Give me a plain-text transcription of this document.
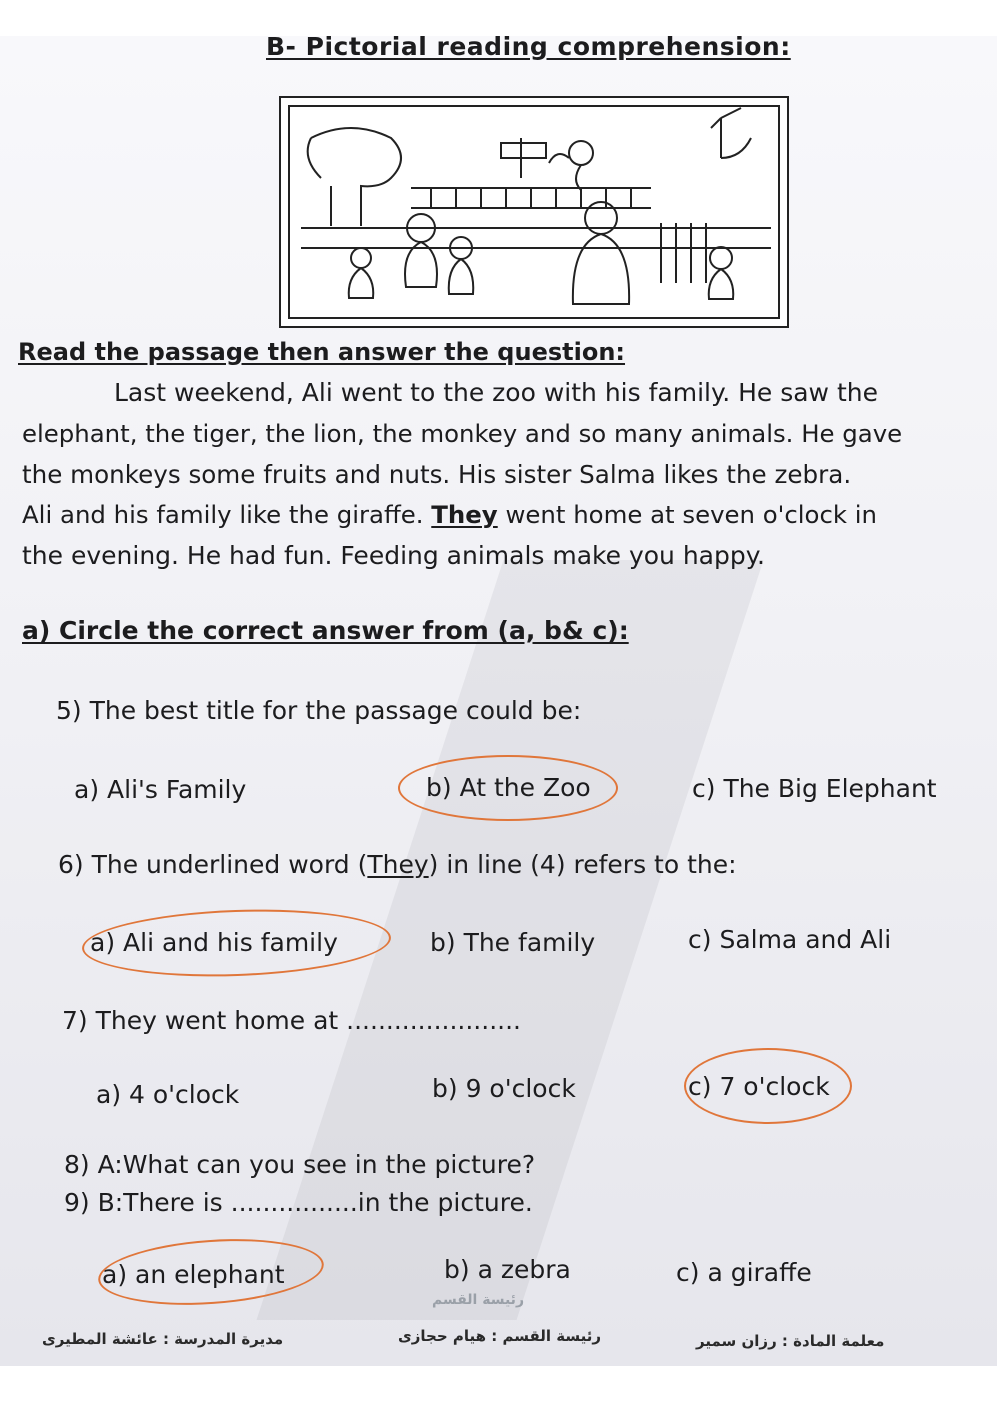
B- Pictorial reading comprehension:
Read the passage then answer the question:
Last weekend, Ali went to the zoo with his family. He saw the
elephant, the tiger, the lion, the monkey and so many animals. He gave
the monkeys some fruits and nuts. His sister Salma likes the zebra.
Ali and his family like the giraffe. They went home at seven o'clock in
the evening. He had fun. Feeding animals make you happy.
a) Circle the correct answer from (a, b& c):
5) The best title for the passage could be:
a) Ali's Family	b) At the Zoo	c) The Big Elephant
6) The underlined word (They) in line (4) refers to the:
a) Ali and his family	b) The family	c) Salma and Ali
7) They went home at ......................
a) 4 o'clock	b) 9 o'clock	c) 7 o'clock
8) A:What can you see in the picture?
9) B:There is ................in the picture.
a) an elephant	b) a zebra	c) a giraffe
رئيسة القسم
مديرة المدرسة : عائشة المطيرى	رئيسة القسم : هيام حجازى	معلمة المادة : رزان سمير
